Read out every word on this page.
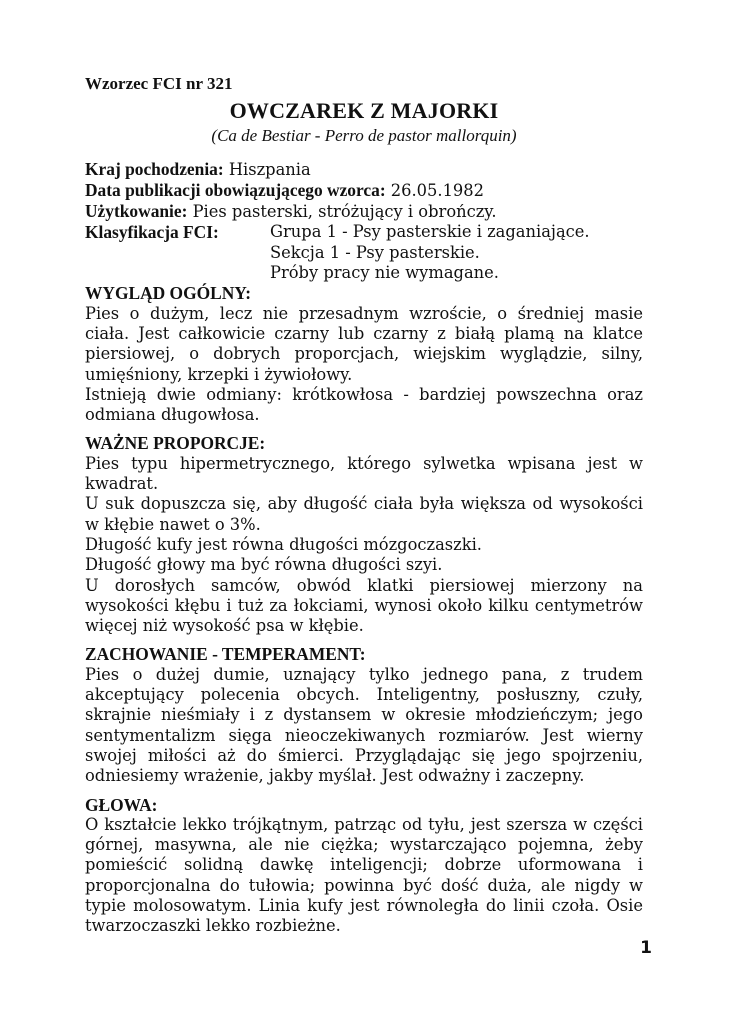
Wzorzec FCI nr 321

OWCZAREK Z MAJORKI

(Ca de Bestiar - Perro de pastor mallorquin)

Kraj pochodzenia: Hiszpania

Data publikacji obowiązującego wzorca: 26.05.1982

Użytkowanie: Pies pasterski, stróżujący i obrończy.

Klasyfikacja FCI:	Grupa 1 - Psy pasterskie i zaganiające.
Sekcja 1 - Psy pasterskie.
Próby pracy nie wymagane.
WYGLĄD OGÓLNY:

Pies o dużym, lecz nie przesadnym wzroście, o średniej masie ciała. Jest całkowicie czarny lub czarny z białą plamą na klatce piersiowej, o dobrych proporcjach, wiejskim wyglądzie, silny, umięśniony, krzepki i żywiołowy.

Istnieją dwie odmiany: krótkowłosa - bardziej powszechna oraz odmiana długowłosa.

WAŻNE PROPORCJE:

Pies typu hipermetrycznego, którego sylwetka wpisana jest w kwadrat.

U suk dopuszcza się, aby długość ciała była większa od wysokości w kłębie nawet o 3%.

Długość kufy jest równa długości mózgoczaszki.

Długość głowy ma być równa długości szyi.

U dorosłych samców, obwód klatki piersiowej mierzony na wysokości kłębu i tuż za łokciami, wynosi około kilku centymetrów więcej niż wysokość psa w kłębie.

ZACHOWANIE - TEMPERAMENT:

Pies o dużej dumie, uznający tylko jednego pana, z trudem akceptujący polecenia obcych. Inteligentny, posłuszny, czuły, skrajnie nieśmiały i z dystansem w okresie młodzieńczym; jego sentymentalizm sięga nieoczekiwanych rozmiarów. Jest wierny swojej miłości aż do śmierci. Przyglądając się jego spojrzeniu, odniesiemy wrażenie, jakby myślał. Jest odważny i zaczepny.

GŁOWA:

O kształcie lekko trójkątnym, patrząc od tyłu, jest szersza w części górnej, masywna, ale nie ciężka; wystarczająco pojemna, żeby pomieścić solidną dawkę inteligencji; dobrze uformowana i proporcjonalna do tułowia; powinna być dość duża, ale nigdy w typie molosowatym. Linia kufy jest równoległa do linii czoła. Osie twarzoczaszki lekko rozbieżne.

1
